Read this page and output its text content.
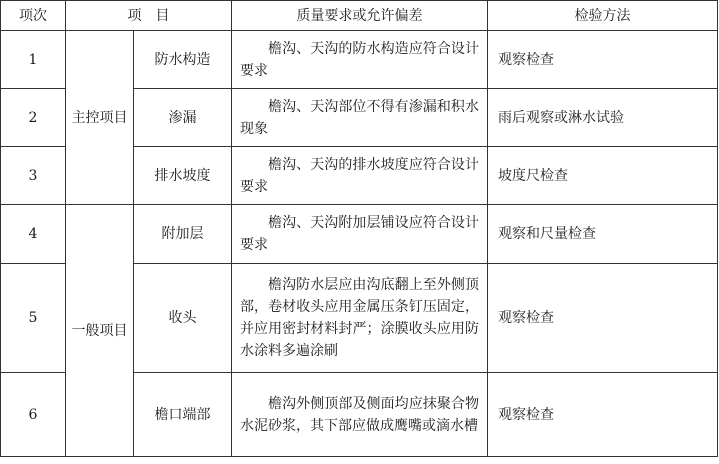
项次	项　目		质量要求或允许偏差	检验方法
1	主控项目	防水构造	檐沟、天沟的防水构造应符合设计要求	观察检查
2		渗漏	檐沟、天沟部位不得有渗漏和积水现象	雨后观察或淋水试验
3		排水坡度	檐沟、天沟的排水坡度应符合设计要求	坡度尺检查
4	一般项目	附加层	檐沟、天沟附加层铺设应符合设计要求	观察和尺量检查
5		收头	檐沟防水层应由沟底翻上至外侧顶部，卷材收头应用金属压条钉压固定，并应用密封材料封严；涂膜收头应用防水涂料多遍涂刷	观察检查
6		檐口端部	檐沟外侧顶部及侧面均应抹聚合物水泥砂浆，其下部应做成鹰嘴或滴水槽	观察检查
